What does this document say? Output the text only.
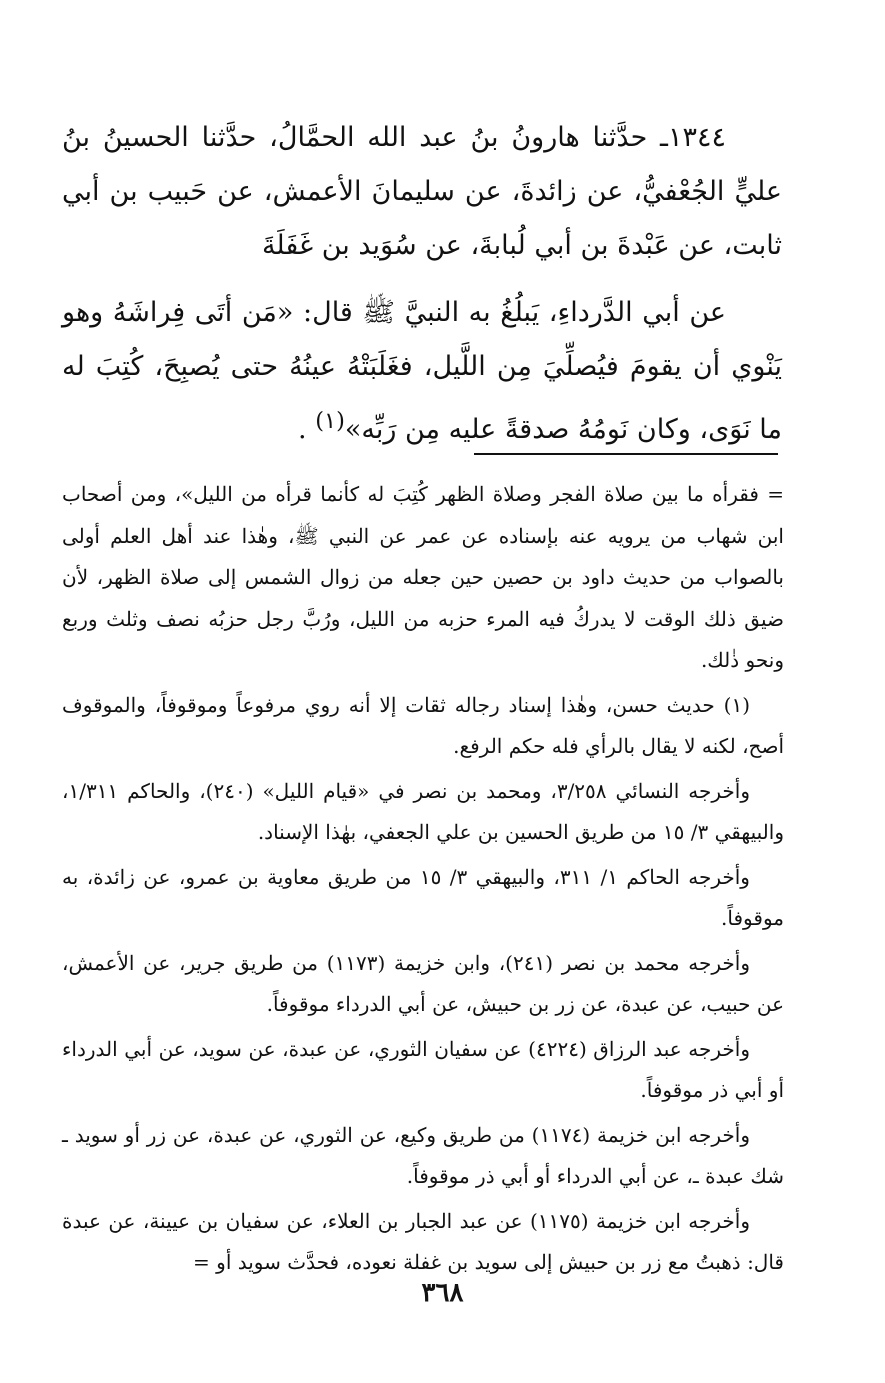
١٣٤٤ـ حدَّثنا هارونُ بنُ عبد الله الحمَّالُ، حدَّثنا الحسينُ بنُ عليٍّ الجُعْفيُّ، عن زائدةَ، عن سليمانَ الأعمش، عن حَبيب بن أبي ثابت، عن عَبْدةَ بن أبي لُبابةَ، عن سُوَيد بن غَفَلَةَ
عن أبي الدَّرداءِ، يَبلُغُ به النبيَّ ﷺ قال: «مَن أتَى فِراشَهُ وهو يَنْوي أن يقومَ فيُصلِّيَ مِن اللَّيل، فغَلَبَتْهُ عينُهُ حتى يُصبِحَ، كُتِبَ له ما نَوَى، وكان نَومُهُ صدقةً عليه مِن رَبِّه»$^{(١)}$ .

= فقرأه ما بين صلاة الفجر وصلاة الظهر كُتِبَ له كأنما قرأه من الليل»، ومن أصحاب ابن شهاب من يرويه عنه بإسناده عن عمر عن النبي ﷺ، وهٰذا عند أهل العلم أولى بالصواب من حديث داود بن حصين حين جعله من زوال الشمس إلى صلاة الظهر، لأن ضيق ذلك الوقت لا يدركُ فيه المرء حزبه من الليل، ورُبَّ رجل حزبُه نصف وثلث وربع ونحو ذٰلك.

(١) حديث حسن، وهٰذا إسناد رجاله ثقات إلا أنه روي مرفوعاً وموقوفاً، والموقوف أصح، لكنه لا يقال بالرأي فله حكم الرفع.

وأخرجه النسائي ٣/٢٥٨، ومحمد بن نصر في «قيام الليل» (٢٤٠)، والحاكم ١/٣١١، والبيهقي ٣/ ١٥ من طريق الحسين بن علي الجعفي، بهٰذا الإسناد.

وأخرجه الحاكم ١/ ٣١١، والبيهقي ٣/ ١٥ من طريق معاوية بن عمرو، عن زائدة، به موقوفاً.

وأخرجه محمد بن نصر (٢٤١)، وابن خزيمة (١١٧٣) من طريق جرير، عن الأعمش، عن حبيب، عن عبدة، عن زر بن حبيش، عن أبي الدرداء موقوفاً.

وأخرجه عبد الرزاق (٤٢٢٤) عن سفيان الثوري، عن عبدة، عن سويد، عن أبي الدرداء أو أبي ذر موقوفاً.

وأخرجه ابن خزيمة (١١٧٤) من طريق وكيع، عن الثوري، عن عبدة، عن زر أو سويد ـ شك عبدة ـ، عن أبي الدرداء أو أبي ذر موقوفاً.

وأخرجه ابن خزيمة (١١٧٥) عن عبد الجبار بن العلاء، عن سفيان بن عيينة، عن عبدة قال: ذهبتُ مع زر بن حبيش إلى سويد بن غفلة نعوده، فحدَّث سويد أو =

٣٦٨
